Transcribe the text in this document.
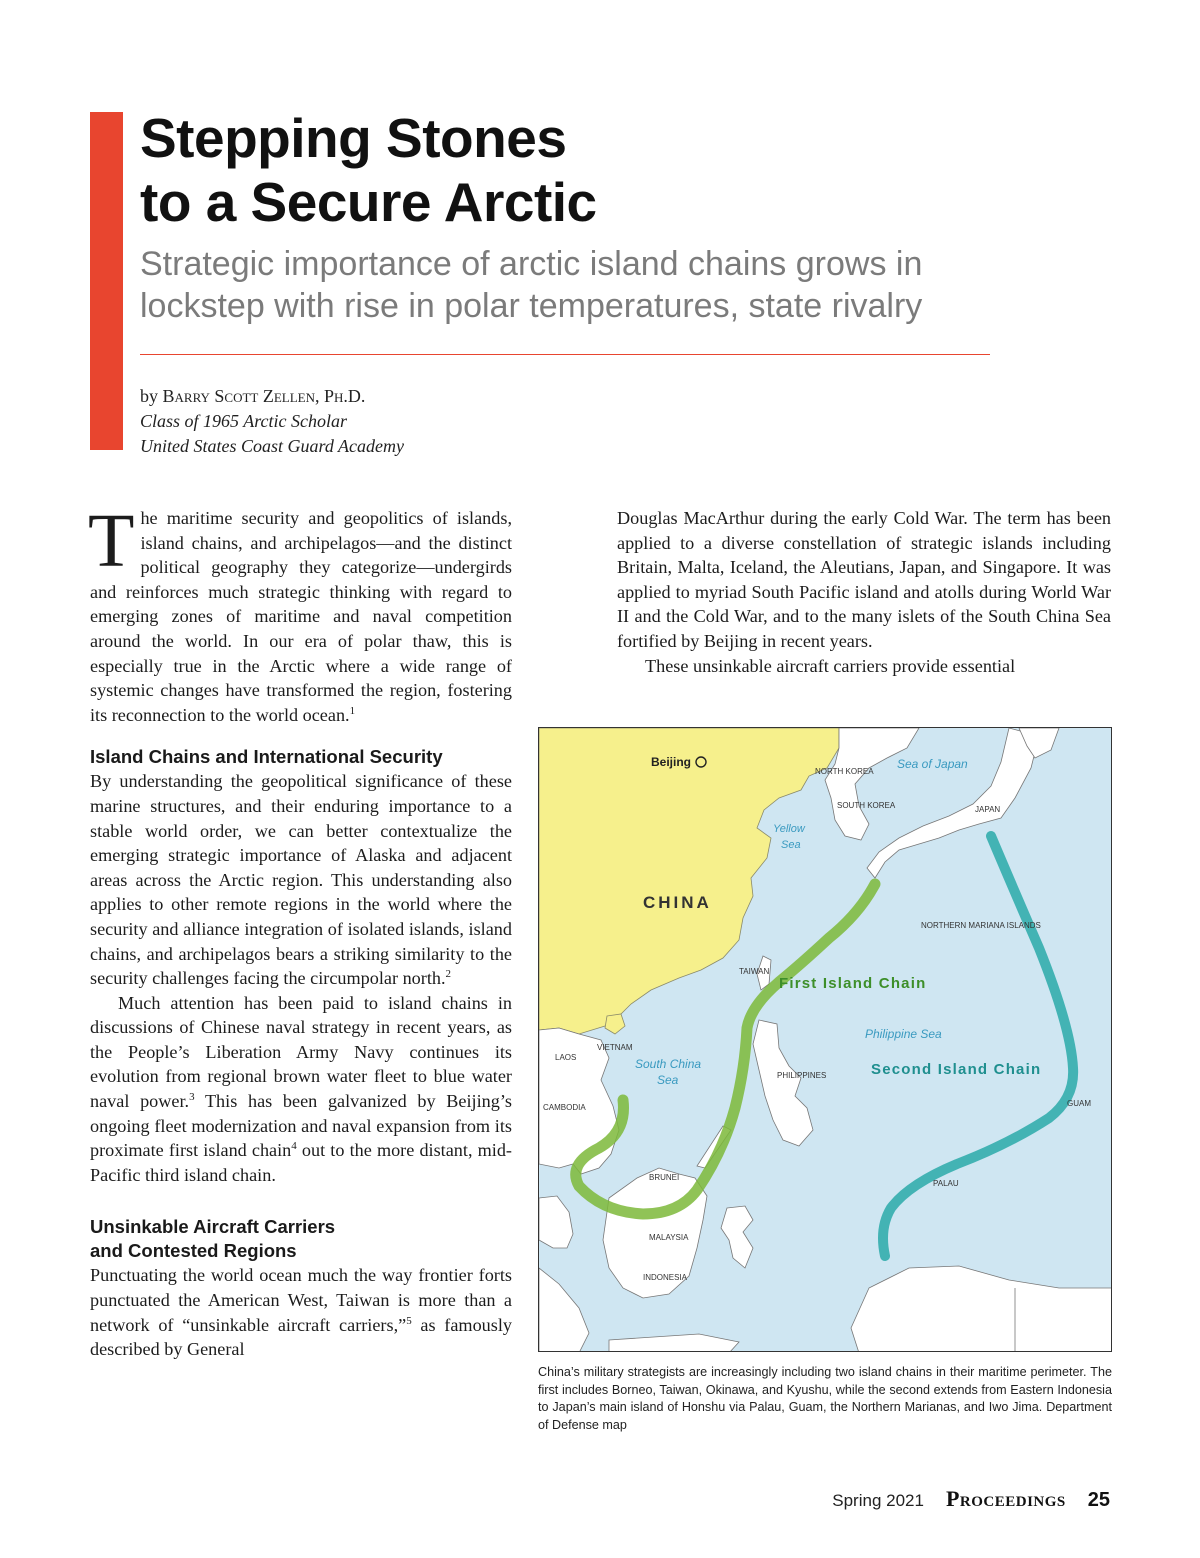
Stepping Stones
to a Secure Arctic
Strategic importance of arctic island chains grows in
lockstep with rise in polar temperatures, state rivalry
by Barry Scott Zellen, Ph.D.
Class of 1965 Arctic Scholar
United States Coast Guard Academy

The maritime security and geopolitics of islands, island chains, and archipelagos—and the distinct political geography they categorize—undergirds and reinforces much strategic thinking with regard to emerging zones of maritime and naval competition around the world. In our era of polar thaw, this is especially true in the Arctic where a wide range of systemic changes have transformed the region, fostering its reconnection to the world ocean.$^1$

Island Chains and International Security

By understanding the geopolitical significance of these marine structures, and their enduring importance to a stable world order, we can better contextualize the emerging strategic importance of Alaska and adjacent areas across the Arctic region. This understanding also applies to other remote regions in the world where the security and alliance integration of isolated islands, island chains, and archipelagos bears a striking similarity to the security challenges facing the circumpolar north.$^2$

Much attention has been paid to island chains in discussions of Chinese naval strategy in recent years, as the People’s Liberation Army Navy continues its evolution from regional brown water fleet to blue water naval power.$^3$ This has been galvanized by Beijing’s ongoing fleet modernization and naval expansion from its proximate first island chain$^4$ out to the more distant, mid-Pacific third island chain.

Unsinkable Aircraft Carriers
and Contested Regions

Punctuating the world ocean much the way frontier forts punctuated the American West, Taiwan is more than a network of “unsinkable aircraft carriers,”$^5$ as famously described by General

Douglas MacArthur during the early Cold War. The term has been applied to a diverse constellation of strategic islands including Britain, Malta, Iceland, the Aleutians, Japan, and Singapore. It was applied to myriad South Pacific island and atolls during World War II and the Cold War, and to the many islets of the South China Sea fortified by Beijing in recent years.

These unsinkable aircraft carriers provide essential

Beijing
NORTH KOREA
SOUTH KOREA
Sea of Japan
Yellow
Sea
JAPAN
CHINA
NORTHERN MARIANA ISLANDS
TAIWAN
First Island Chain
Philippine Sea
LAOS
VIETNAM
South China
Sea	PHILIPPINES	Second Island Chain
CAMBODIA	GUAM
BRUNEI
PALAU
MALAYSIA
INDONESIA

China’s military strategists are increasingly including two island chains in their maritime perimeter. The first includes Borneo, Taiwan, Okinawa, and Kyushu, while the second extends from Eastern Indonesia to Japan’s main island of Honshu via Palau, Guam, the Northern Marianas, and Iwo Jima. Department of Defense map

Spring 2021 Proceedings 25
